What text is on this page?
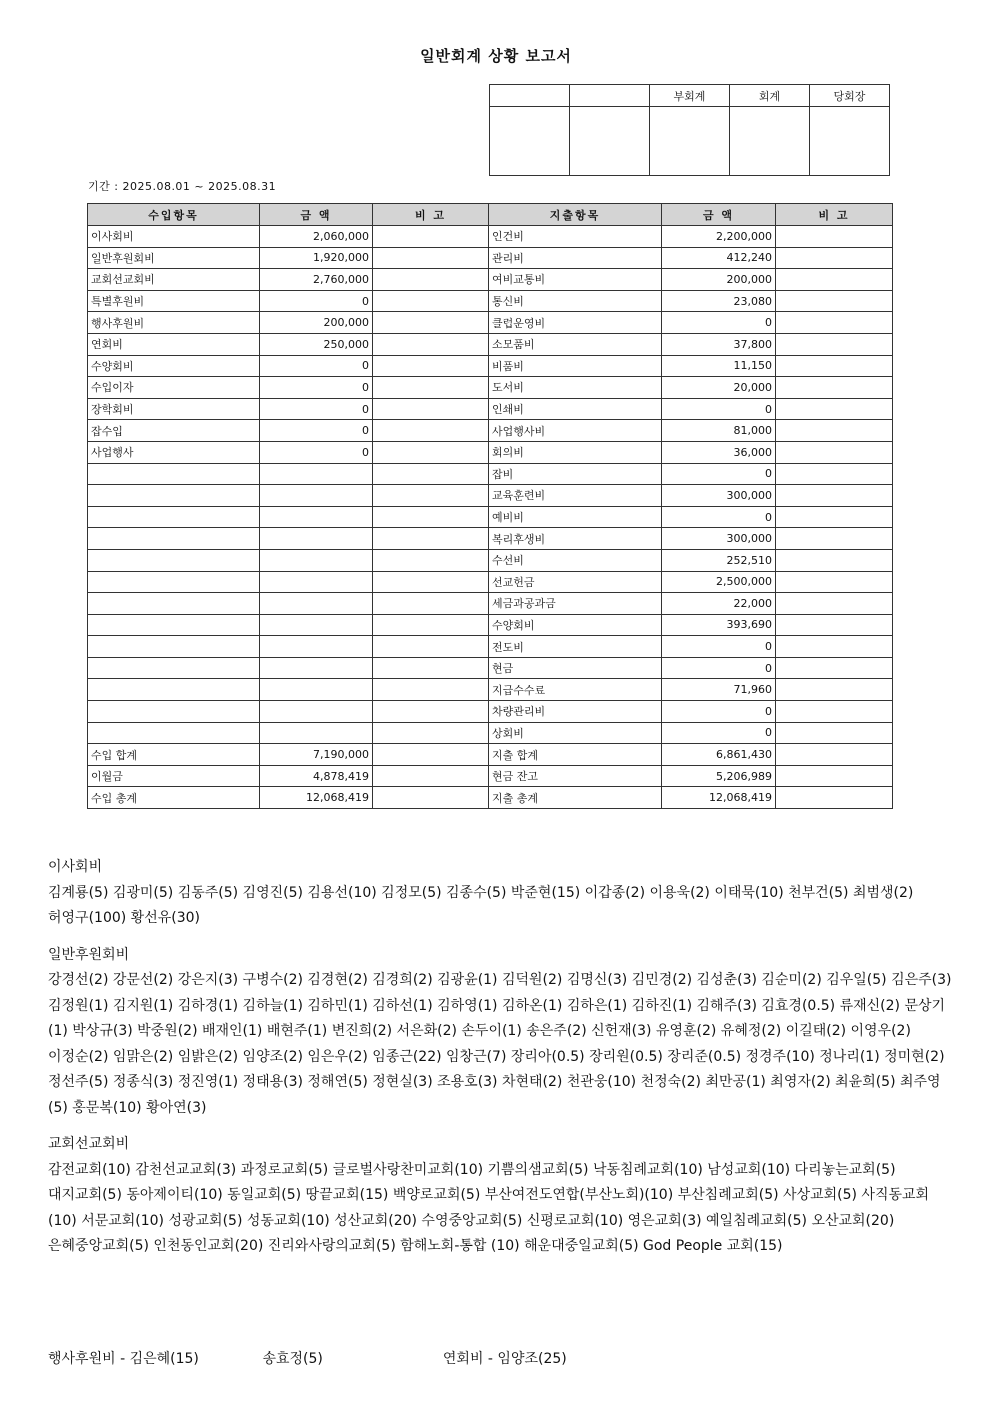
일반회계 상황 보고서
		부회계	회계	당회장

기간 : 2025.08.01 ~ 2025.08.31
수입항목	금 액	비 고	지출항목	금 액	비 고
이사회비	2,060,000		인건비	2,200,000	
일반후원회비	1,920,000		관리비	412,240	
교회선교회비	2,760,000		여비교통비	200,000	
특별후원비	0		통신비	23,080	
행사후원비	200,000		클럽운영비	0	
연회비	250,000		소모품비	37,800	
수양회비	0		비품비	11,150	
수입이자	0		도서비	20,000	
장학회비	0		인쇄비	0	
잡수입	0		사업행사비	81,000	
사업행사	0		회의비	36,000	
			잡비	0	
			교육훈련비	300,000	
			예비비	0	
			복리후생비	300,000	
			수선비	252,510	
			선교헌금	2,500,000	
			세금과공과금	22,000	
			수양회비	393,690	
			전도비	0	
			현금	0	
			지급수수료	71,960	
			차량관리비	0	
			상회비	0	
수입 합계	7,190,000		지출 합계	6,861,430	
이월금	4,878,419		현금 잔고	5,206,989	
수입 총계	12,068,419		지출 총계	12,068,419	
이사회비
김계룡(5) 김광미(5) 김동주(5) 김영진(5) 김용선(10) 김정모(5) 김종수(5) 박준현(15) 이갑종(2) 이용욱(2) 이태묵(10) 천부건(5) 최범생(2) 허영구(100) 황선유(30)
일반후원회비
강경선(2) 강문선(2) 강은지(3) 구병수(2) 김경현(2) 김경희(2) 김광윤(1) 김덕원(2) 김명신(3) 김민경(2) 김성춘(3) 김순미(2) 김우일(5) 김은주(3) 김정원(1) 김지원(1) 김하경(1) 김하늘(1) 김하민(1) 김하선(1) 김하영(1) 김하온(1) 김하은(1) 김하진(1) 김해주(3) 김효경(0.5) 류재신(2) 문상기(1) 박상규(3) 박중원(2) 배재인(1) 배현주(1) 변진희(2) 서은화(2) 손두이(1) 송은주(2) 신헌재(3) 유영훈(2) 유혜정(2) 이길태(2) 이영우(2) 이정순(2) 임맑은(2) 임밝은(2) 임양조(2) 임은우(2) 임종근(22) 임창근(7) 장리아(0.5) 장리원(0.5) 장리준(0.5) 정경주(10) 정나리(1) 정미현(2) 정선주(5) 정종식(3) 정진영(1) 정태용(3) 정해연(5) 정현실(3) 조용호(3) 차현태(2) 천관웅(10) 천정숙(2) 최만공(1) 최영자(2) 최윤희(5) 최주영(5) 홍문복(10) 황아연(3)
교회선교회비
감전교회(10) 감천선교교회(3) 과정로교회(5) 글로벌사랑찬미교회(10) 기쁨의샘교회(5) 낙동침례교회(10) 남성교회(10) 다리놓는교회(5) 대지교회(5) 동아제이티(10) 동일교회(5) 땅끝교회(15) 백양로교회(5) 부산여전도연합(부산노회)(10) 부산침례교회(5) 사상교회(5) 사직동교회(10) 서문교회(10) 성광교회(5) 성동교회(10) 성산교회(20) 수영중앙교회(5) 신평로교회(10) 영은교회(3) 예일침례교회(5) 오산교회(20) 은혜중앙교회(5) 인천동인교회(20) 진리와사랑의교회(5) 함해노회-통합 (10) 해운대중일교회(5) God People 교회(15)
행사후원비 - 김은혜(15)	송효정(5)	연회비 - 임양조(25)
